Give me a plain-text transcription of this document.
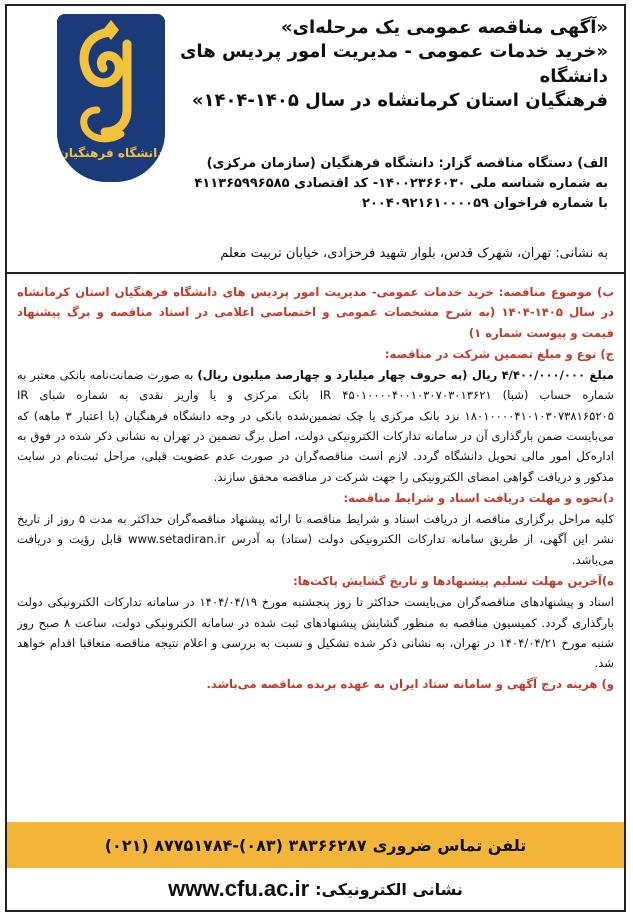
دانشگاه فرهنگیان
«آگهی مناقصه عمومی یک مرحله‌ای»
«خرید خدمات عمومی - مدیریت امور پردیس های دانشگاه
فرهنگیان استان کرمانشاه در سال ۱۴۰۵-۱۴۰۴»
الف) دستگاه مناقصه گزار: دانشگاه فرهنگیان (سازمان مرکزی)
به شماره شناسه ملی ۱۴۰۰۲۳۶۶۰۳۰- کد اقتصادی ۴۱۱۳۶۵۹۹۶۵۸۵
با شماره فراخوان ۲۰۰۴۰۹۲۱۶۱۰۰۰۰۵۹
به نشانی: تهران، شهرک قدس، بلوار شهید فرحزادی، خیابان تربیت معلم

ب) موضوع مناقصه: خرید خدمات عمومی- مدیریت امور پردیس های دانشگاه فرهنگیان استان کرمانشاه در سال ۱۴۰۵-۱۴۰۴ (به شرح مشخصات عمومی و اختصاصی اعلامی در اسناد مناقصه و برگ پیشنهاد قیمت و پیوست شماره ۱)

ج) نوع و مبلغ تضمین شرکت در مناقصه:

مبلغ ۴/۴۰۰/۰۰۰/۰۰۰ ریال (به حروف چهار میلیارد و چهارصد میلیون ریال) به صورت ضمانت‌نامه بانکی معتبر به شماره حساب (شبا) IR ۴۵۰۱۰۰۰۰۴۰۰۱۰۳۰۷۰۳۰۱۳۶۲۱ بانک مرکزی و یا واریز نقدی به شماره شبای IR ۱۸۰۱۰۰۰۰۴۱۰۱۰۳۰۷۳۸۱۶۵۲۰۵ نزد بانک مرکزی یا چک تضمین‌شده بانکی در وجه دانشگاه فرهنگیان (با اعتبار ۳ ماهه) که می‌بایست ضمن بارگذاری آن در سامانه تدارکات الکترونیکی دولت، اصل برگ تضمین در تهران به نشانی ذکر شده در فوق به اداره‌کل امور مالی تحویل دانشگاه گردد. لازم است مناقصه‌گران در صورت عدم عضویت قبلی، مراحل ثبت‌نام در سایت مذکور و دریافت گواهی امضای الکترونیکی را جهت شرکت در مناقصه محقق سازند.

د)نحوه و مهلت دریافت اسناد و شرایط مناقصه:

کلیه مراحل برگزاری مناقصه از دریافت اسناد و شرایط مناقصه تا ارائه پیشنهاد مناقصه‌گران حداکثر به مدت ۵ روز از تاریخ نشر این آگهی، از طریق سامانه تدارکات الکترونیکی دولت (ستاد) به آدرس www.setadiran.ir قابل رؤیت و دریافت می‌باشد.

ه)آخرین مهلت تسلیم پیشنهادها و تاریخ گشایش پاکت‌ها:

اسناد و پیشنهادهای مناقصه‌گران می‌بایست حداکثر تا روز پنجشنبه مورخ ۱۴۰۴/۰۴/۱۹ در سامانه تدارکات الکترونیکی دولت بارگذاری گردد. کمیسیون مناقصه به منظور گشایش پیشنهادهای ثبت شده در سامانه الکترونیکی دولت، ساعت ۸ صبح روز شنبه مورخ ۱۴۰۴/۰۴/۲۱ در تهران، به نشانی ذکر شده تشکیل و نسبت به بررسی و اعلام نتیجه مناقصه متعاقبا اقدام خواهد شد.

و) هزینه درج آگهی و سامانه ستاد ایران به عهده برنده مناقصه می‌باشد.

تلفن تماس ضروری
(۰۲۱) ۸۷۷۵۱۷۸۴-(۰۸۳) ۳۸۳۶۶۲۸۷
نشانی الکترونیکی:
www.cfu.ac.ir
